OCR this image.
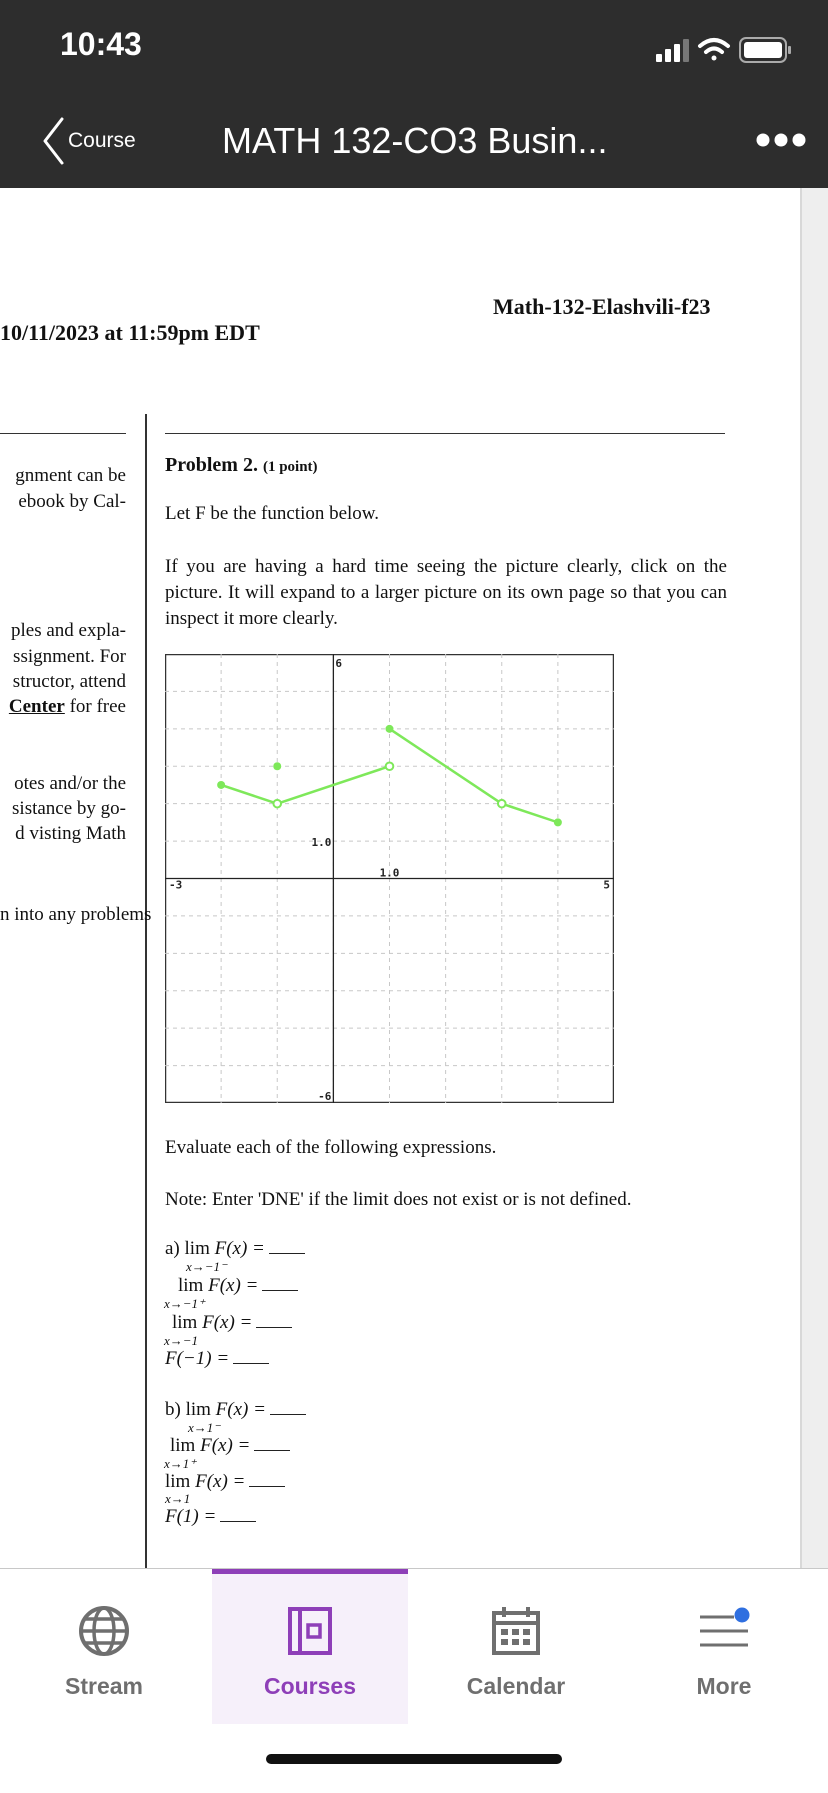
10:43
Course MATH 132-CO3 Busin...
Math-132-Elashvili-f23
10/11/2023 at 11:59pm EDT
gnment can be
ebook by Cal-
ples and expla-
ssignment. For
structor, attend
Center for free
otes and/or the
sistance by go-
d visting Math
n into any problems
Problem 2. (1 point)
Let F be the function below.
If you are having a hard time seeing the picture clearly, click on the picture. It will expand to a larger picture on its own page so that you can inspect it more clearly.
-3	5
6
-6
1.0
1.0
Evaluate each of the following expressions.
Note: Enter 'DNE' if the limit does not exist or is not defined.
a) lim F(x) =
x→−1⁻
lim F(x) =
x→−1⁺
lim F(x) =
x→−1
F(−1) =
b) lim F(x) =
x→1⁻
lim F(x) =
x→1⁺
lim F(x) =
x→1
F(1) =
Stream	Courses	Calendar	More
